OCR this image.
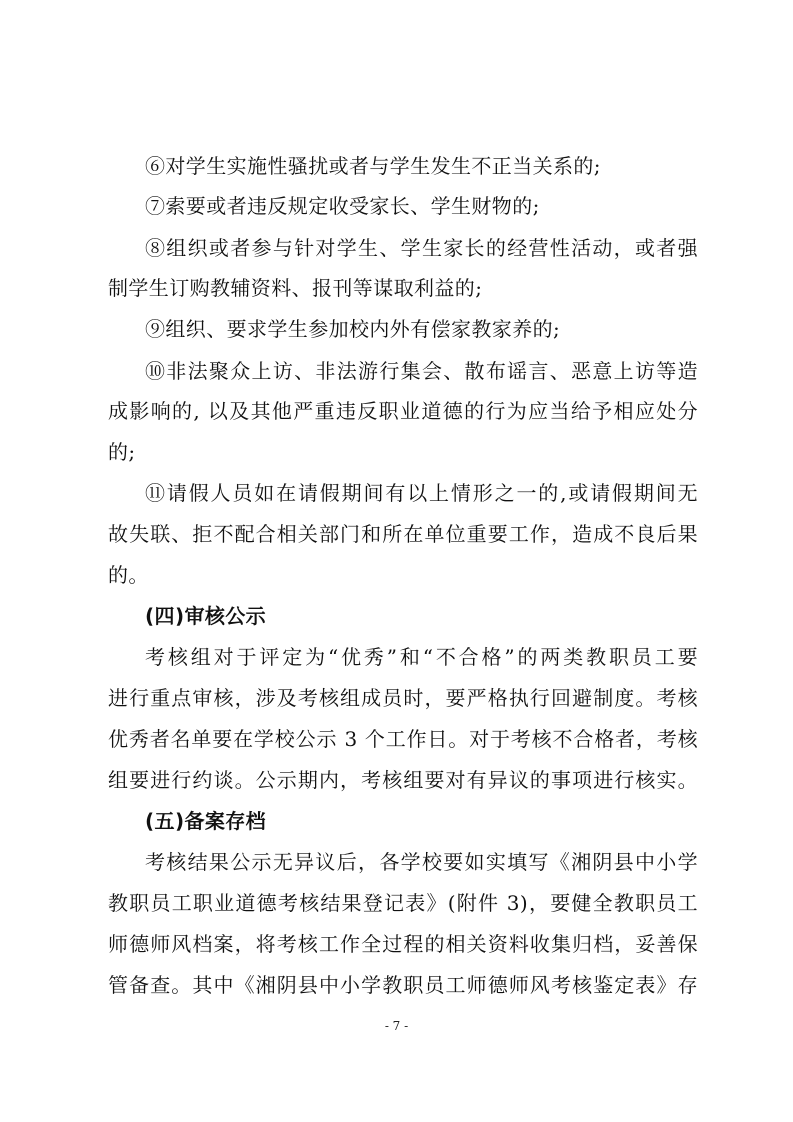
⑥对学生实施性骚扰或者与学生发生不正当关系的;
⑦索要或者违反规定收受家长、学生财物的;
⑧组织或者参与针对学生、学生家长的经营性活动，或者强
制学生订购教辅资料、报刊等谋取利益的;
⑨组织、要求学生参加校内外有偿家教家养的;
⑩非法聚众上访、非法游行集会、散布谣言、恶意上访等造
成影响的, 以及其他严重违反职业道德的行为应当给予相应处分
的;
⑪请假人员如在请假期间有以上情形之一的,或请假期间无
故失联、拒不配合相关部门和所在单位重要工作，造成不良后果
的。
(四)审核公示
考核组对于评定为“优秀”和“不合格”的两类教职员工要
进行重点审核，涉及考核组成员时，要严格执行回避制度。考核
优秀者名单要在学校公示 3 个工作日。对于考核不合格者，考核
组要进行约谈。公示期内，考核组要对有异议的事项进行核实。
(五)备案存档
考核结果公示无异议后，各学校要如实填写《湘阴县中小学
教职员工职业道德考核结果登记表》(附件 3)，要健全教职员工
师德师风档案，将考核工作全过程的相关资料收集归档，妥善保
管备查。其中《湘阴县中小学教职员工师德师风考核鉴定表》存
- 7 -
